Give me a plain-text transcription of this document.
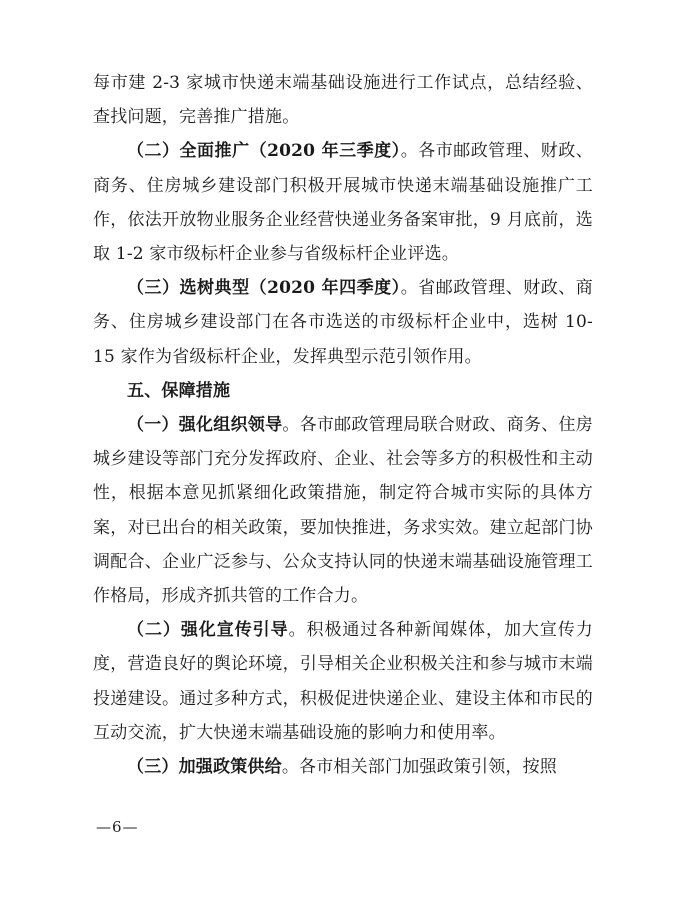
每市建 2-3 家城市快递末端基础设施进行工作试点，总结经验、查找问题，完善推广措施。

（二）全面推广（2020 年三季度）。各市邮政管理、财政、商务、住房城乡建设部门积极开展城市快递末端基础设施推广工作，依法开放物业服务企业经营快递业务备案审批，9 月底前，选取 1-2 家市级标杆企业参与省级标杆企业评选。

（三）选树典型（2020 年四季度）。省邮政管理、财政、商务、住房城乡建设部门在各市选送的市级标杆企业中，选树 10-15 家作为省级标杆企业，发挥典型示范引领作用。

五、保障措施

（一）强化组织领导。各市邮政管理局联合财政、商务、住房城乡建设等部门充分发挥政府、企业、社会等多方的积极性和主动性，根据本意见抓紧细化政策措施，制定符合城市实际的具体方案，对已出台的相关政策，要加快推进，务求实效。建立起部门协调配合、企业广泛参与、公众支持认同的快递末端基础设施管理工作格局，形成齐抓共管的工作合力。

（二）强化宣传引导。积极通过各种新闻媒体，加大宣传力度，营造良好的舆论环境，引导相关企业积极关注和参与城市末端投递建设。通过多种方式，积极促进快递企业、建设主体和市民的互动交流，扩大快递末端基础设施的影响力和使用率。

（三）加强政策供给。各市相关部门加强政策引领，按照

—6—
